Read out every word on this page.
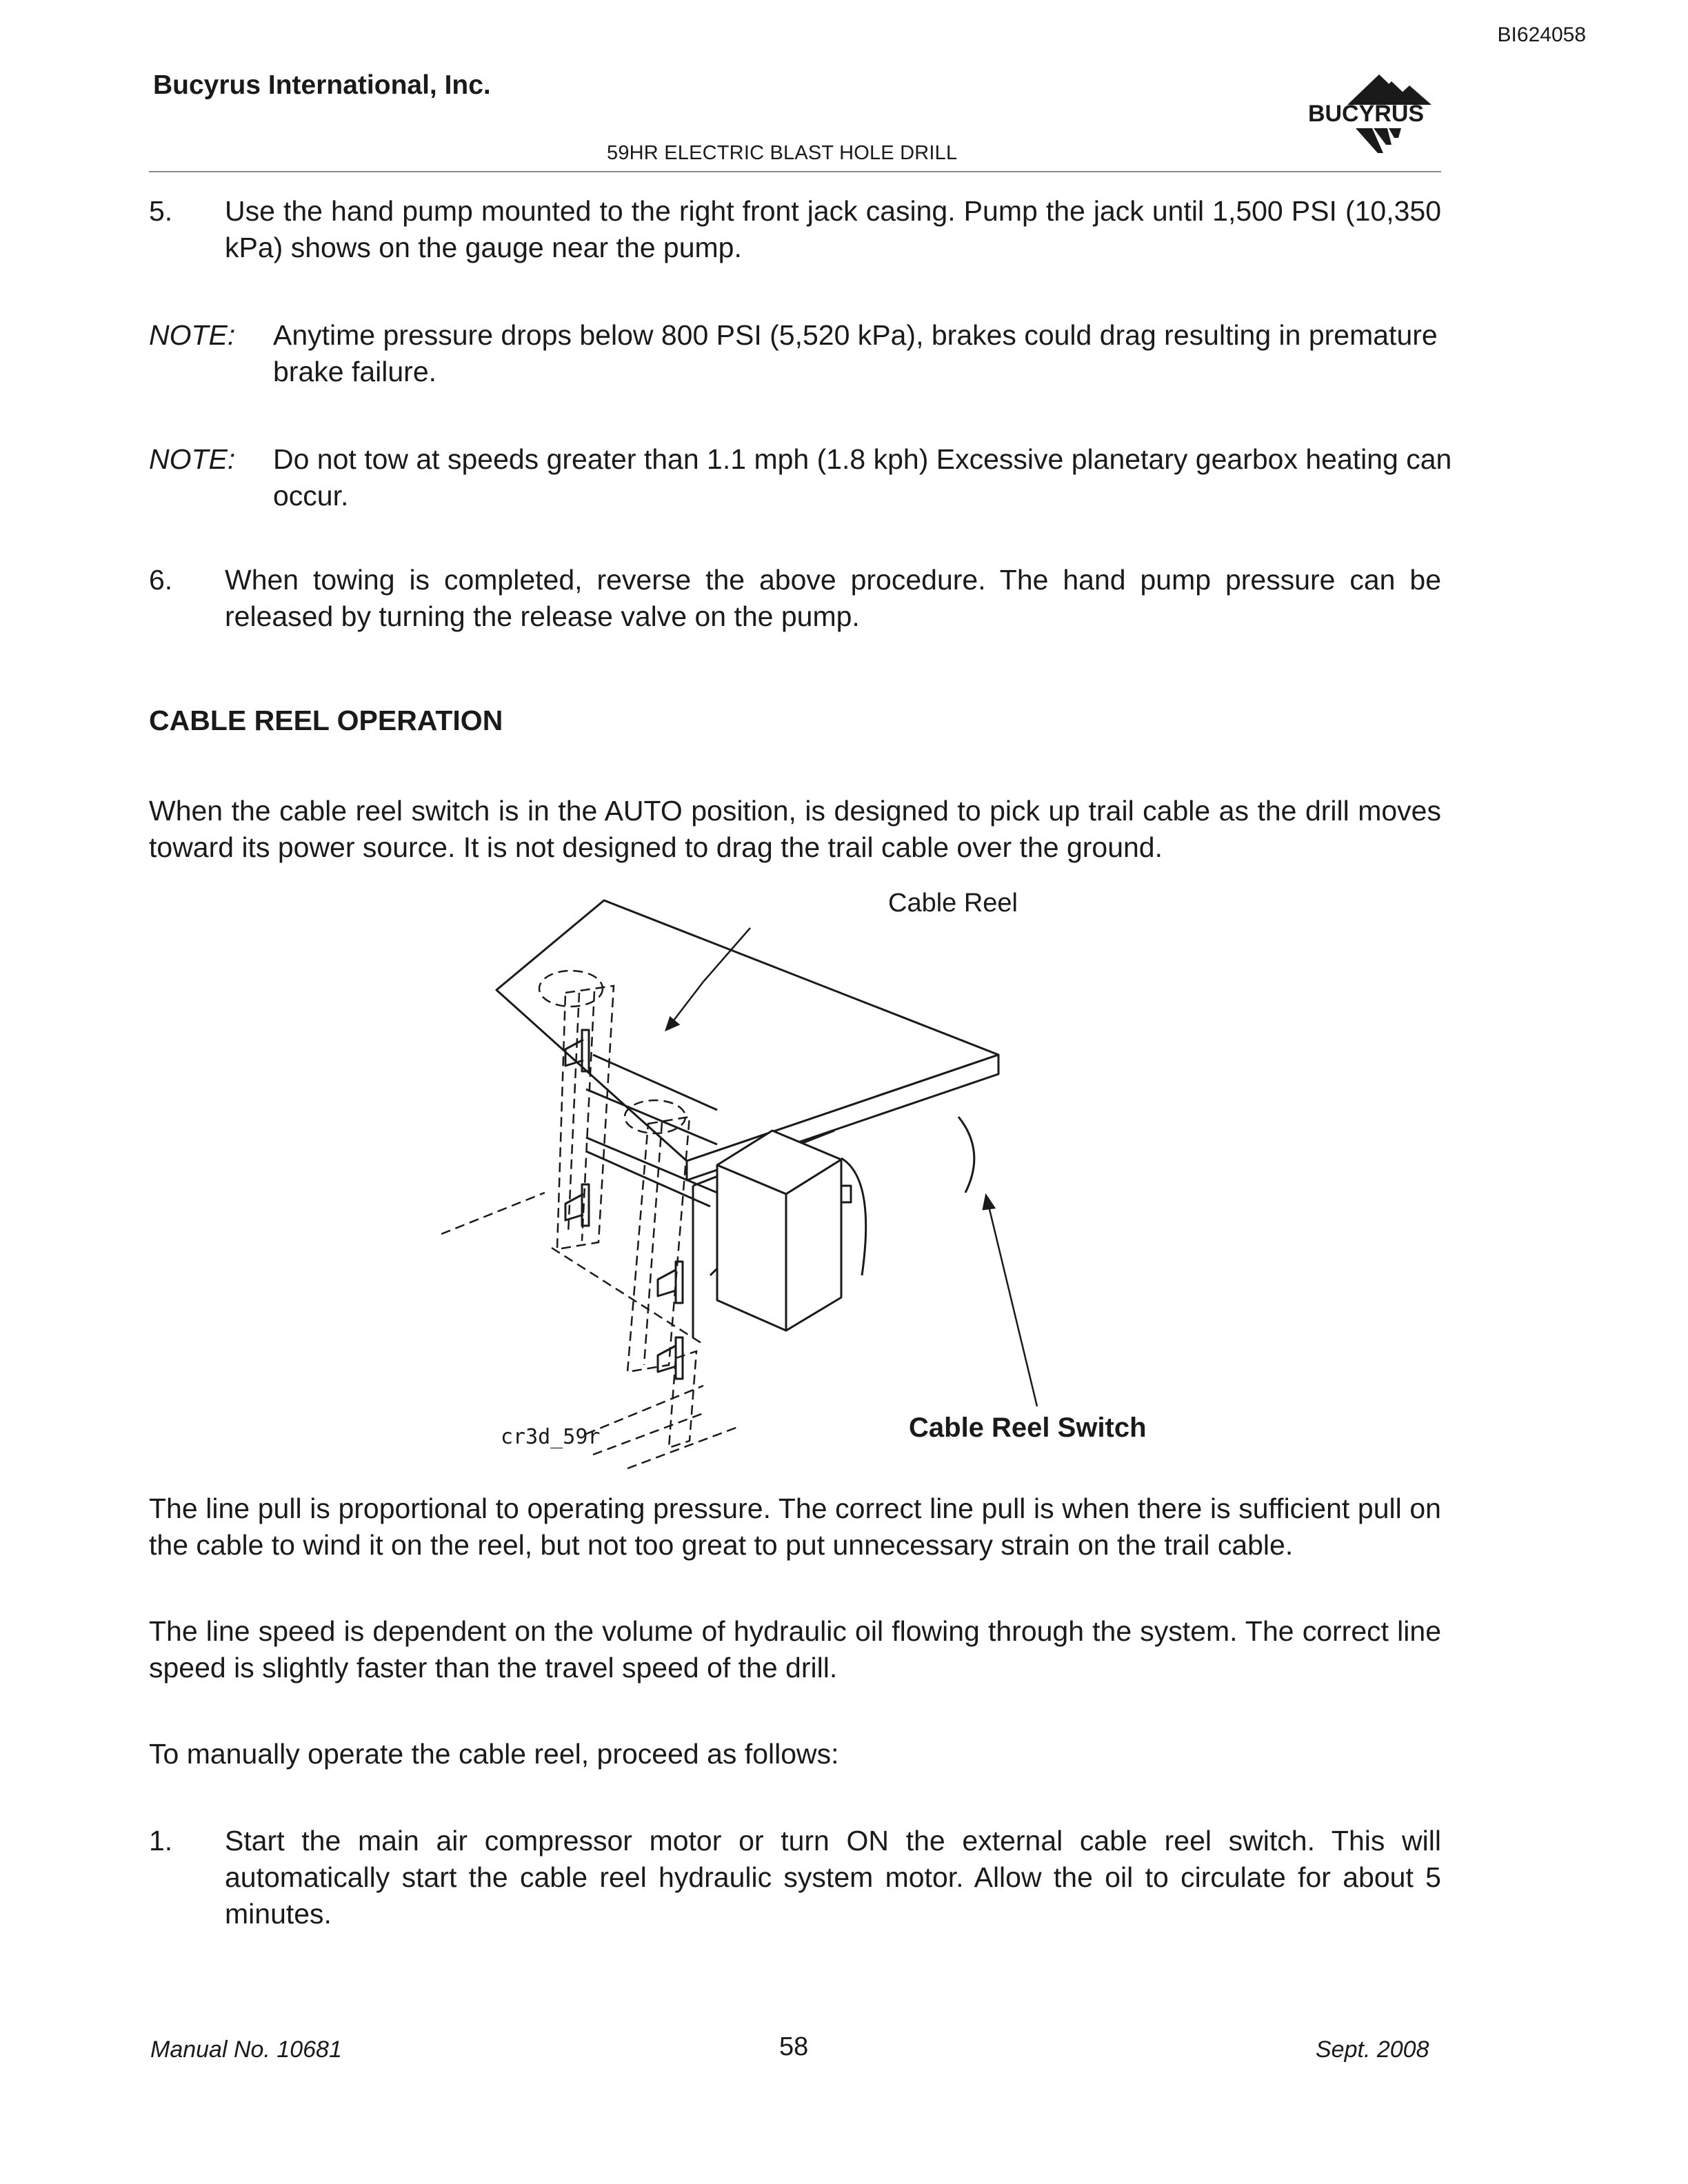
BI624058
Bucyrus International, Inc.
BUCYRUS
59HR ELECTRIC BLAST HOLE DRILL
5. Use the hand pump mounted to the right front jack casing. Pump the jack until 1,500 PSI (10,350 kPa) shows on the gauge near the pump.
NOTE: Anytime pressure drops below 800 PSI (5,520 kPa), brakes could drag resulting in premature brake failure.
NOTE: Do not tow at speeds greater than 1.1 mph (1.8 kph) Excessive planetary gearbox heating can occur.
6. When towing is completed, reverse the above procedure. The hand pump pressure can be released by turning the release valve on the pump.
CABLE REEL OPERATION
When the cable reel switch is in the AUTO position, is designed to pick up trail cable as the drill moves toward its power source. It is not designed to drag the trail cable over the ground.
Cable Reel
Cable Reel Switch
cr3d_59r
The line pull is proportional to operating pressure. The correct line pull is when there is sufficient pull on the cable to wind it on the reel, but not too great to put unnecessary strain on the trail cable.
The line speed is dependent on the volume of hydraulic oil flowing through the system. The correct line speed is slightly faster than the travel speed of the drill.
To manually operate the cable reel, proceed as follows:
1. Start the main air compressor motor or turn ON the external cable reel switch. This will automatically start the cable reel hydraulic system motor. Allow the oil to circulate for about 5 minutes.
Manual No. 10681	58	Sept. 2008
